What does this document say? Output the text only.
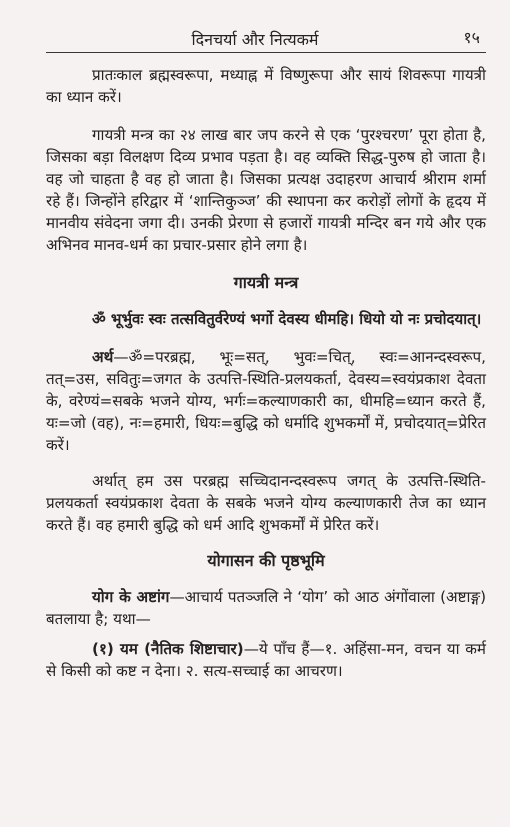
दिनचर्या और नित्यकर्म	१५

प्रातःकाल ब्रह्मस्वरूपा, मध्याह्न में विष्णुरूपा और सायं शिवरूपा गायत्री का ध्यान करें।

गायत्री मन्त्र का २४ लाख बार जप करने से एक ‘पुरश्चरण’ पूरा होता है, जिसका बड़ा विलक्षण दिव्य प्रभाव पड़ता है। वह व्यक्ति सिद्ध-पुरुष हो जाता है। वह जो चाहता है वह हो जाता है। जिसका प्रत्यक्ष उदाहरण आचार्य श्रीराम शर्मा रहे हैं। जिन्होंने हरिद्वार में ‘शान्तिकुञ्ज’ की स्थापना कर करोड़ों लोगों के हृदय में मानवीय संवेदना जगा दी। उनकी प्रेरणा से हजारों गायत्री मन्दिर बन गये और एक अभिनव मानव-धर्म का प्रचार-प्रसार होने लगा है।

गायत्री मन्त्र

ॐ भूर्भुवः स्वः तत्सवितुर्वरेण्यं भर्गो देवस्य धीमहि। धियो यो नः प्रचोदयात्।

अर्थ—ॐ=परब्रह्म, भूः=सत्, भुवः=चित्, स्वः=आनन्दस्वरूप, तत्=उस, सवितुः=जगत के उत्पत्ति-स्थिति-प्रलयकर्ता, देवस्य=स्वयंप्रकाश देवता के, वरेण्यं=सबके भजने योग्य, भर्गः=कल्याणकारी का, धीमहि=ध्यान करते हैं, यः=जो (वह), नः=हमारी, धियः=बुद्धि को धर्मादि शुभकर्मों में, प्रचोदयात्=प्रेरित करें।

अर्थात् हम उस परब्रह्म सच्चिदानन्दस्वरूप जगत् के उत्पत्ति-स्थिति-प्रलयकर्ता स्वयंप्रकाश देवता के सबके भजने योग्य कल्याणकारी तेज का ध्यान करते हैं। वह हमारी बुद्धि को धर्म आदि शुभकर्मों में प्रेरित करें।

योगासन की पृष्ठभूमि

योग के अष्टांग—आचार्य पतञ्जलि ने ‘योग’ को आठ अंगोंवाला (अष्टाङ्ग) बतलाया है; यथा—

(१) यम (नैतिक शिष्टाचार)—ये पाँच हैं—१. अहिंसा-मन, वचन या कर्म से किसी को कष्ट न देना। २. सत्य-सच्चाई का आचरण।
